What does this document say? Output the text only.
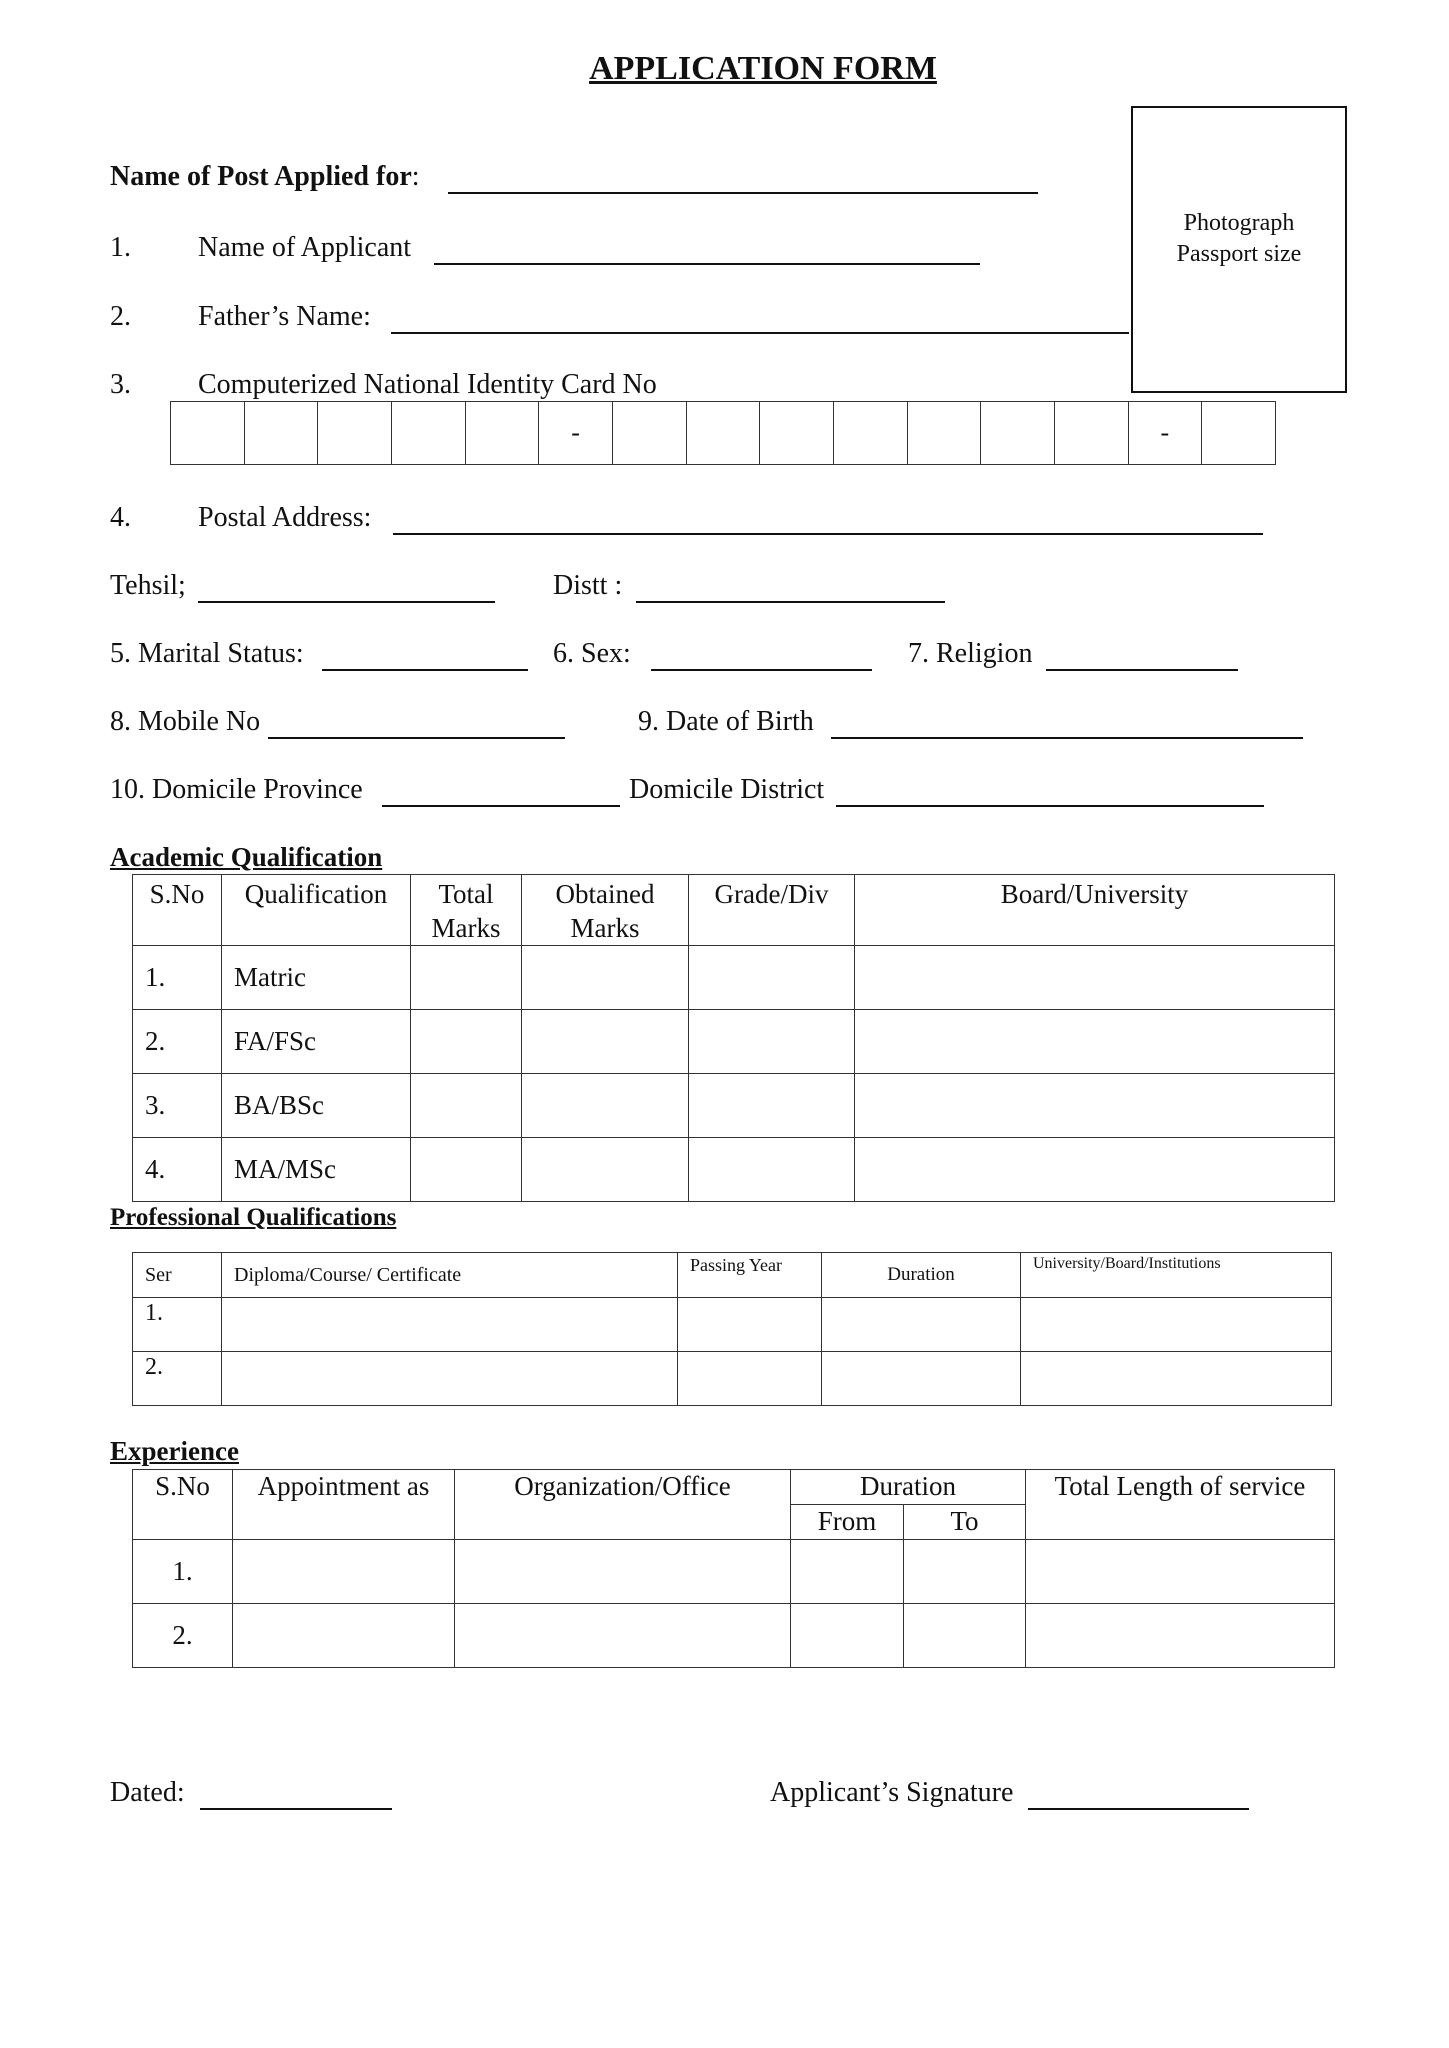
APPLICATION FORM
Photograph
Passport size
Name of Post Applied for:
1. Name of Applicant
2. Father’s Name:
3. Computerized National Identity Card No
					-								-	
4. Postal Address:
Tehsil;	Distt :
5. Marital Status:	6. Sex:	7. Religion
8. Mobile No	9. Date of Birth
10. Domicile Province	Domicile District
Academic Qualification
S.No	Qualification	Total Marks	Obtained Marks	Grade/Div	Board/University
1.	Matric				
2.	FA/FSc				
3.	BA/BSc				
4.	MA/MSc				
Professional Qualifications
Ser	Diploma/Course/ Certificate	Passing Year	Duration	University/Board/Institutions
1.				
2.				
Experience
S.No	Appointment as	Organization/Office	Duration		Total Length of service
			From	To	
1.					
2.					
Dated:	Applicant’s Signature
